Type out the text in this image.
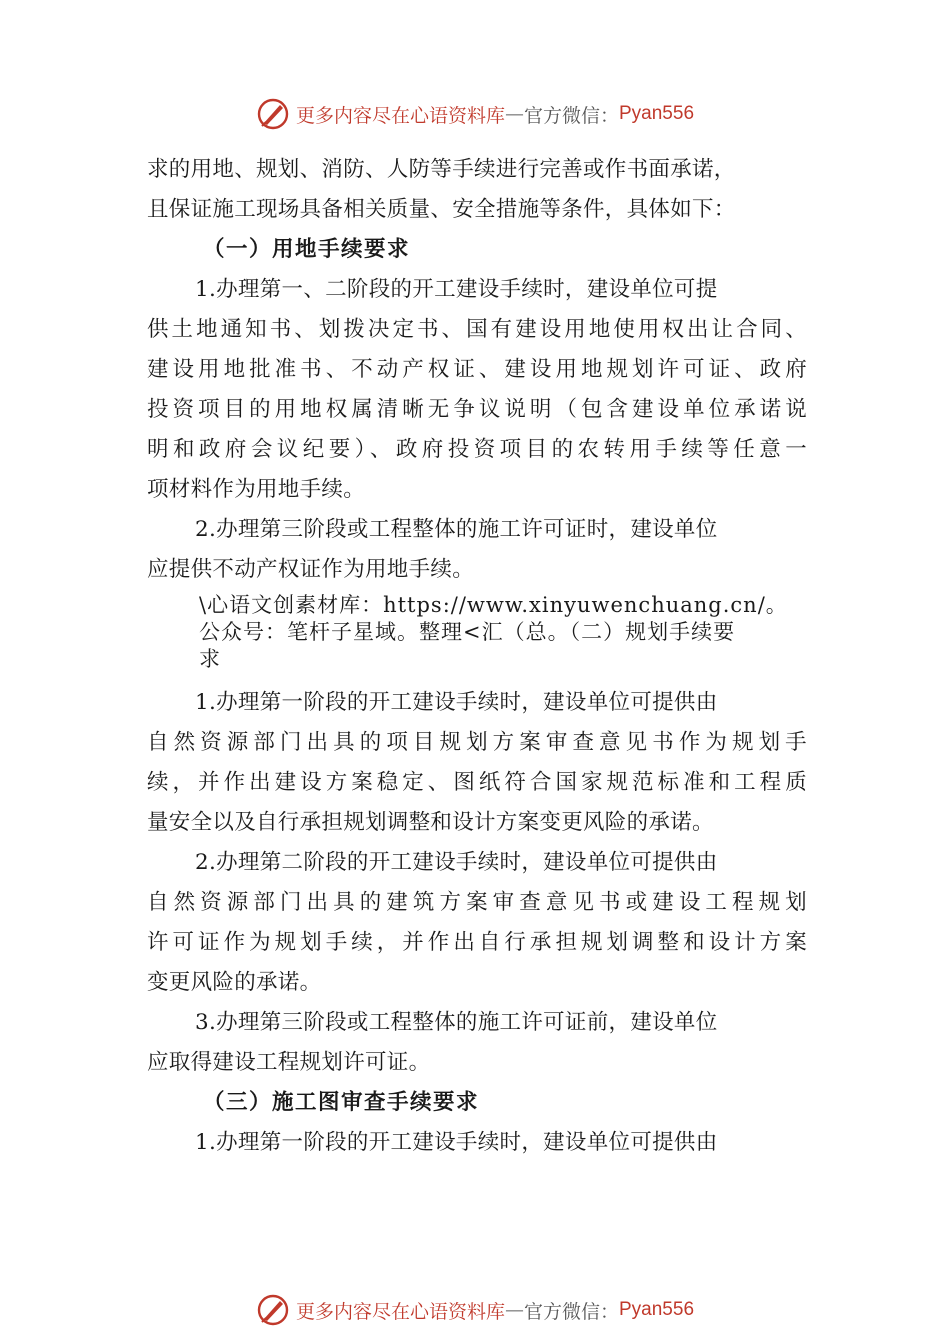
更多内容尽在心语资料库 — 官方微信： Pyan556
求的用地、规划、消防、人防等手续进行完善或作书面承诺，
且保证施工现场具备相关质量、安全措施等条件，具体如下：
（一）用地手续要求
1.办理第一、二阶段的开工建设手续时，建设单位可提
供土地通知书、划拨决定书、国有建设用地使用权出让合同、
建设用地批准书、不动产权证、建设用地规划许可证、政府
投资项目的用地权属清晰无争议说明（包含建设单位承诺说
明和政府会议纪要）、政府投资项目的农转用手续等任意一
项材料作为用地手续。
2.办理第三阶段或工程整体的施工许可证时，建设单位
应提供不动产权证作为用地手续。
\心语文创素材库：https://www.xinyuwenchuang.cn/。
公众号：笔杆子星域。整理<汇（总。（二）规划手续要
求
1.办理第一阶段的开工建设手续时，建设单位可提供由
自然资源部门出具的项目规划方案审查意见书作为规划手
续，并作出建设方案稳定、图纸符合国家规范标准和工程质
量安全以及自行承担规划调整和设计方案变更风险的承诺。
2.办理第二阶段的开工建设手续时，建设单位可提供由
自然资源部门出具的建筑方案审查意见书或建设工程规划
许可证作为规划手续，并作出自行承担规划调整和设计方案
变更风险的承诺。
3.办理第三阶段或工程整体的施工许可证前，建设单位
应取得建设工程规划许可证。
（三）施工图审查手续要求
1.办理第一阶段的开工建设手续时，建设单位可提供由
更多内容尽在心语资料库 — 官方微信： Pyan556
